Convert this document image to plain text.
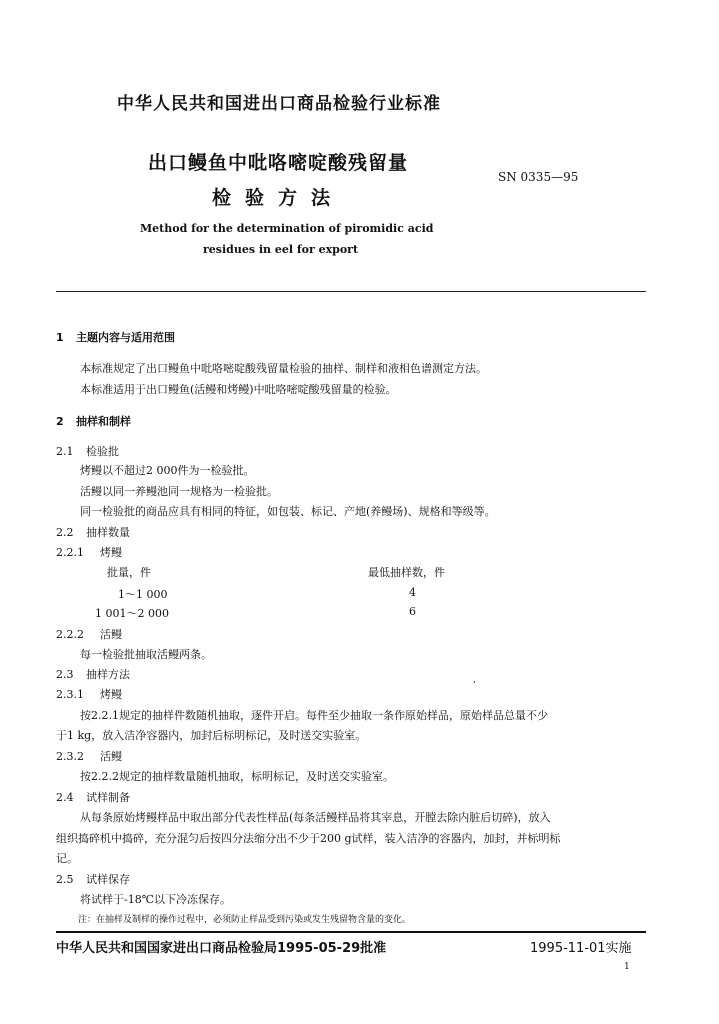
中华人民共和国进出口商品检验行业标准
出口鳗鱼中吡咯嘧啶酸残留量
检验方法
SN 0335—95
Method for the determination of piromidic acid
residues in eel for export
1 主题内容与适用范围
本标准规定了出口鳗鱼中吡咯嘧啶酸残留量检验的抽样、制样和液相色谱测定方法。
本标准适用于出口鳗鱼(活鳗和烤鳗)中吡咯嘧啶酸残留量的检验。
2 抽样和制样
2.1 检验批
烤鳗以不超过2 000件为一检验批。
活鳗以同一养鳗池同一规格为一检验批。
同一检验批的商品应具有相同的特征，如包装、标记、产地(养鳗场)、规格和等级等。
2.2 抽样数量
2.2.1 烤鳗
批量，件	最低抽样数，件
1～1 000	4
1 001～2 000	6
2.2.2 活鳗
每一检验批抽取活鳗两条。
2.3 抽样方法	,
2.3.1 烤鳗
按2.2.1规定的抽样件数随机抽取，逐件开启。每件至少抽取一条作原始样品，原始样品总量不少
于1 kg，放入洁净容器内，加封后标明标记，及时送交实验室。
2.3.2 活鳗
按2.2.2规定的抽样数量随机抽取，标明标记，及时送交实验室。
2.4 试样制备
从每条原始烤鳗样品中取出部分代表性样品(每条活鳗样品将其宰息，开膛去除内脏后切碎)，放入
组织捣碎机中捣碎，充分混匀后按四分法缩分出不少于200 g试样，装入洁净的容器内，加封，并标明标
记。
2.5 试样保存
将试样于-18℃以下冷冻保存。
注：在抽样及制样的操作过程中，必须防止样品受到污染或发生残留物含量的变化。
中华人民共和国国家进出口商品检验局1995-05-29批准	1995-11-01实施
1
